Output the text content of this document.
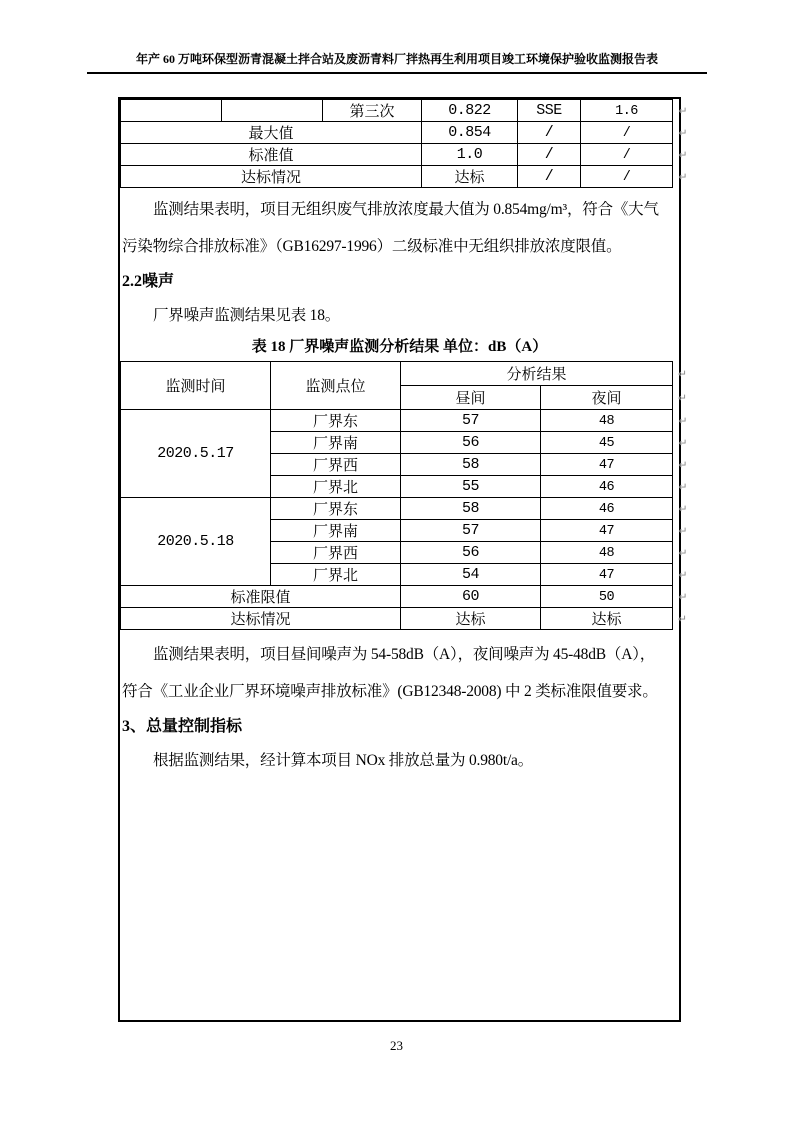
年产 60 万吨环保型沥青混凝土拌合站及废沥青料厂拌热再生利用项目竣工环境保护验收监测报告表
		第三次	0.822	SSE	1.6 ↵

最大值			0.854	/	/ ↵

标准值			1.0	/	/ ↵

达标情况			达标	/	/ ↵
监测结果表明，项目无组织废气排放浓度最大值为 0.854mg/m³，符合《大气
污染物综合排放标准》（GB16297-1996）二级标准中无组织排放浓度限值。
2.2噪声
厂界噪声监测结果见表 18。
表 18 厂界噪声监测分析结果 单位：dB（A）
监测时间	监测点位	分析结果 ↵	

		昼间	夜间 ↵

2020.5.17	厂界东	57	48 ↵

	厂界南	56	45 ↵

	厂界西	58	47 ↵

	厂界北	55	46 ↵

2020.5.18	厂界东	58	46 ↵

	厂界南	57	47 ↵

	厂界西	56	48 ↵

	厂界北	54	47 ↵

标准限值		60	50 ↵

达标情况		达标	达标 ↵
监测结果表明，项目昼间噪声为 54-58dB（A），夜间噪声为 45-48dB（A），
符合《工业企业厂界环境噪声排放标准》(GB12348-2008) 中 2 类标准限值要求。
3、总量控制指标
根据监测结果，经计算本项目 NOx 排放总量为 0.980t/a。
23
